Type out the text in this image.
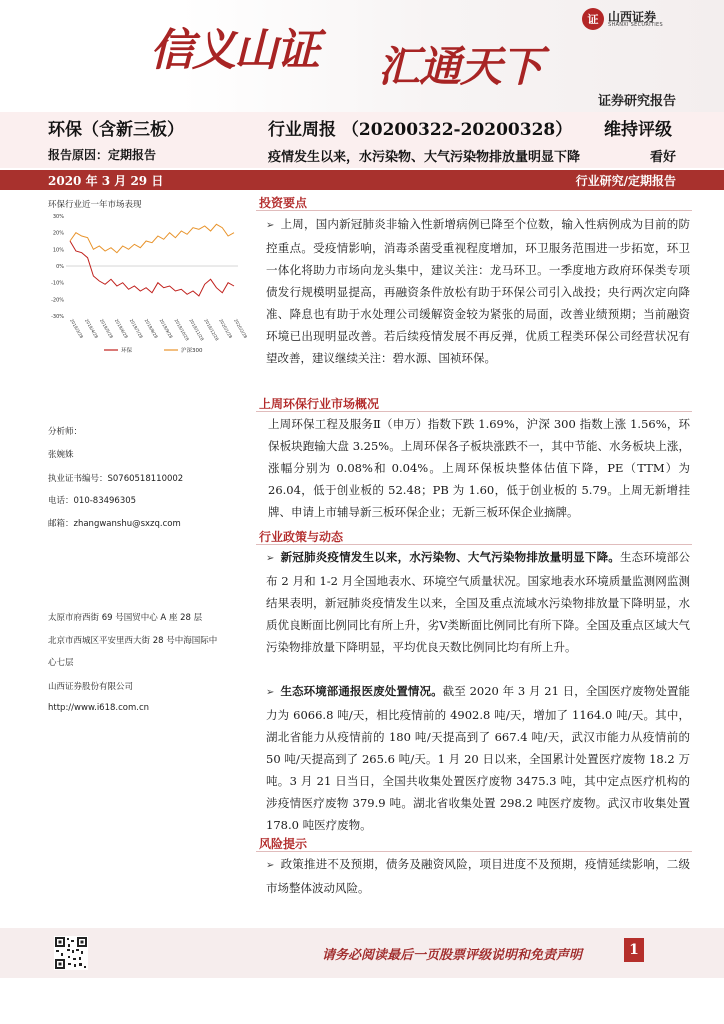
信义山证 汇通天下
证 山西证券
SHANXI SECURITIES
证券研究报告
环保（含新三板）
报告原因：定期报告
行业周报 （20200322-20200328） 维持评级
疫情发生以来，水污染物、大气污染物排放量明显下降	看好
2020 年 3 月 29 日	行业研究/定期报告
环保行业近一年市场表现
30%
20%
10%
0%
-10%
-20%
-30%
2019/3/28 2019/4/28 2019/5/28 2019/6/28 2019/7/28 2019/8/28 2019/9/28 2019/10/28
2019/11/28
2019/12/28
2020/1/28 2020/2/28
环保	沪深300
分析师：
张婉姝
执业证书编号：S0760518110002
电话：010-83496305
邮箱：zhangwanshu@sxzq.com
太原市府西街 69 号国贸中心 A 座 28 层
北京市西城区平安里西大街 28 号中海国际中
心七层
山西证券股份有限公司
http://www.i618.com.cn
投资要点
➢ 上周，国内新冠肺炎非输入性新增病例已降至个位数，输入性病例成为目前的防控重点。受疫情影响，消毒杀菌受重视程度增加，环卫服务范围进一步拓宽，环卫一体化将助力市场向龙头集中，建议关注：龙马环卫。一季度地方政府环保类专项债发行规模明显提高，再融资条件放松有助于环保公司引入战投；央行两次定向降准、降息也有助于水处理公司缓解资金较为紧张的局面，改善业绩预期；当前融资环境已出现明显改善。若后续疫情发展不再反弹，优质工程类环保公司经营状况有望改善，建议继续关注：碧水源、国祯环保。
上周环保行业市场概况
上周环保工程及服务Ⅱ（申万）指数下跌 1.69%，沪深 300 指数上涨 1.56%，环保板块跑输大盘 3.25%。上周环保各子板块涨跌不一，其中节能、水务板块上涨，涨幅分别为 0.08%和 0.04%。上周环保板块整体估值下降，PE（TTM）为 26.04，低于创业板的 52.48；PB 为 1.60，低于创业板的 5.79。上周无新增挂牌、申请上市辅导新三板环保企业；无新三板环保企业摘牌。
行业政策与动态
➢ 新冠肺炎疫情发生以来，水污染物、大气污染物排放量明显下降。生态环境部公布 2 月和 1-2 月全国地表水、环境空气质量状况。国家地表水环境质量监测网监测结果表明，新冠肺炎疫情发生以来，全国及重点流域水污染物排放量下降明显，水质优良断面比例同比有所上升，劣Ⅴ类断面比例同比有所下降。全国及重点区域大气污染物排放量下降明显，平均优良天数比例同比均有所上升。
➢ 生态环境部通报医废处置情况。截至 2020 年 3 月 21 日，全国医疗废物处置能力为 6066.8 吨/天，相比疫情前的 4902.8 吨/天，增加了 1164.0 吨/天。其中，湖北省能力从疫情前的 180 吨/天提高到了 667.4 吨/天，武汉市能力从疫情前的 50 吨/天提高到了 265.6 吨/天。1 月 20 日以来，全国累计处置医疗废物 18.2 万吨。3 月 21 日当日，全国共收集处置医疗废物 3475.3 吨，其中定点医疗机构的涉疫情医疗废物 379.9 吨。湖北省收集处置 298.2 吨医疗废物。武汉市收集处置 178.0 吨医疗废物。
风险提示
➢ 政策推进不及预期，债务及融资风险，项目进度不及预期，疫情延续影响，二级市场整体波动风险。
请务必阅读最后一页股票评级说明和免责声明	1
